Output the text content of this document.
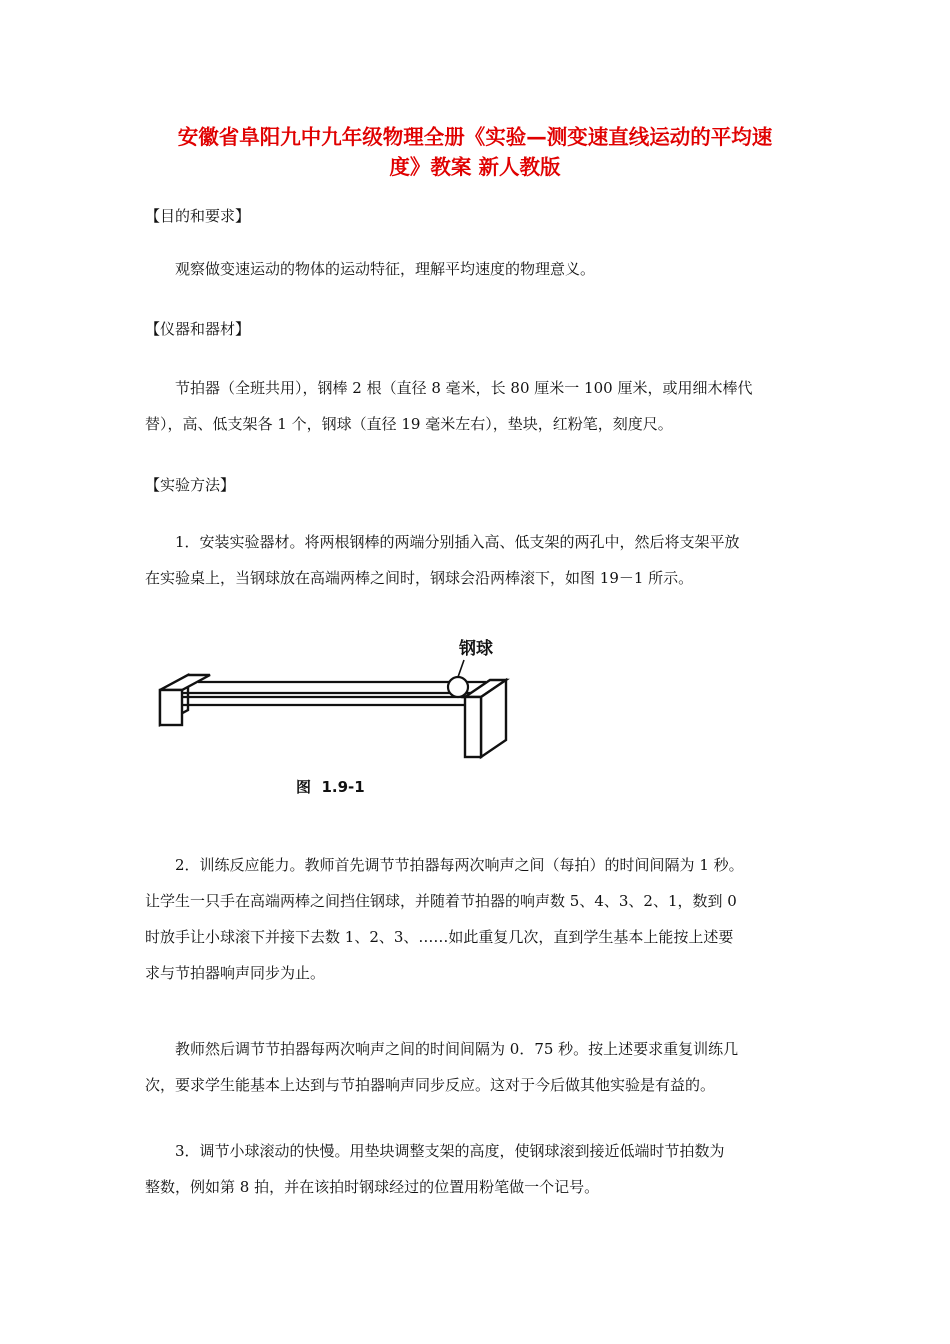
安徽省阜阳九中九年级物理全册《实验—测变速直线运动的平均速
度》教案 新人教版
【目的和要求】
观察做变速运动的物体的运动特征，理解平均速度的物理意义。
【仪器和器材】
节拍器（全班共用），钢棒 2 根（直径 8 毫米，长 80 厘米一 100 厘米，或用细木棒代
替），高、低支架各 1 个，钢球（直径 19 毫米左右），垫块，红粉笔，刻度尺。
【实验方法】
1．安装实验器材。将两根钢棒的两端分别插入高、低支架的两孔中，然后将支架平放
在实验桌上，当钢球放在高端两棒之间时，钢球会沿两棒滚下，如图 19－1 所示。
钢球
图  1.9-1
2．训练反应能力。教师首先调节节拍器每两次响声之间（每拍）的时间间隔为 1 秒。
让学生一只手在高端两棒之间挡住钢球，并随着节拍器的响声数 5、4、3、2、1，数到 0
时放手让小球滚下并接下去数 1、2、3、……如此重复几次，直到学生基本上能按上述要
求与节拍器响声同步为止。
教师然后调节节拍器每两次响声之间的时间间隔为 0．75 秒。按上述要求重复训练几
次，要求学生能基本上达到与节拍器响声同步反应。这对于今后做其他实验是有益的。
3．调节小球滚动的快慢。用垫块调整支架的高度，使钢球滚到接近低端时节拍数为
整数，例如第 8 拍，并在该拍时钢球经过的位置用粉笔做一个记号。
